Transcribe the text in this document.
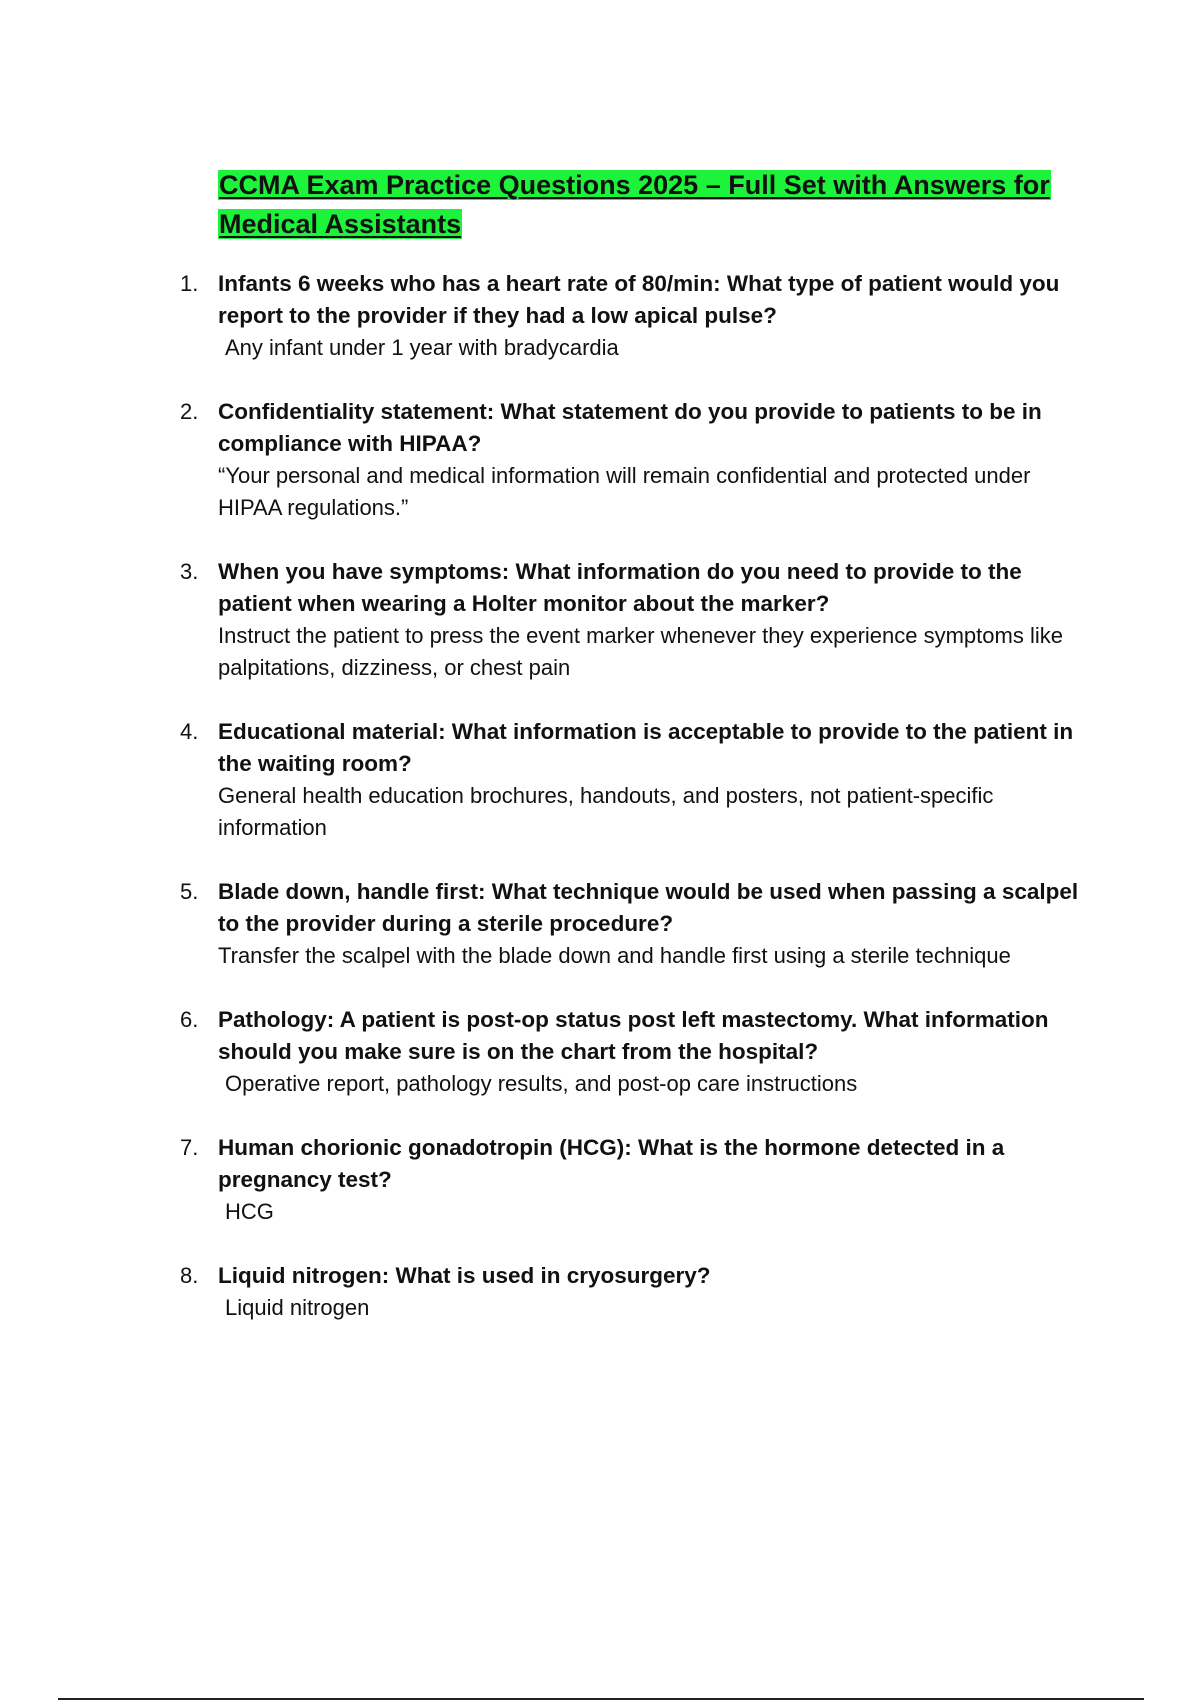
CCMA Exam Practice Questions 2025 – Full Set with Answers for Medical Assistants
1. Infants 6 weeks who has a heart rate of 80/min: What type of patient would you report to the provider if they had a low apical pulse?
Any infant under 1 year with bradycardia
2. Confidentiality statement: What statement do you provide to patients to be in compliance with HIPAA?
“Your personal and medical information will remain confidential and protected under HIPAA regulations.”
3. When you have symptoms: What information do you need to provide to the patient when wearing a Holter monitor about the marker?
Instruct the patient to press the event marker whenever they experience symptoms like palpitations, dizziness, or chest pain
4. Educational material: What information is acceptable to provide to the patient in the waiting room?
General health education brochures, handouts, and posters, not patient-specific information
5. Blade down, handle first: What technique would be used when passing a scalpel to the provider during a sterile procedure?
Transfer the scalpel with the blade down and handle first using a sterile technique
6. Pathology: A patient is post-op status post left mastectomy. What information should you make sure is on the chart from the hospital?
Operative report, pathology results, and post-op care instructions
7. Human chorionic gonadotropin (HCG): What is the hormone detected in a pregnancy test?
HCG
8. Liquid nitrogen: What is used in cryosurgery?
Liquid nitrogen
